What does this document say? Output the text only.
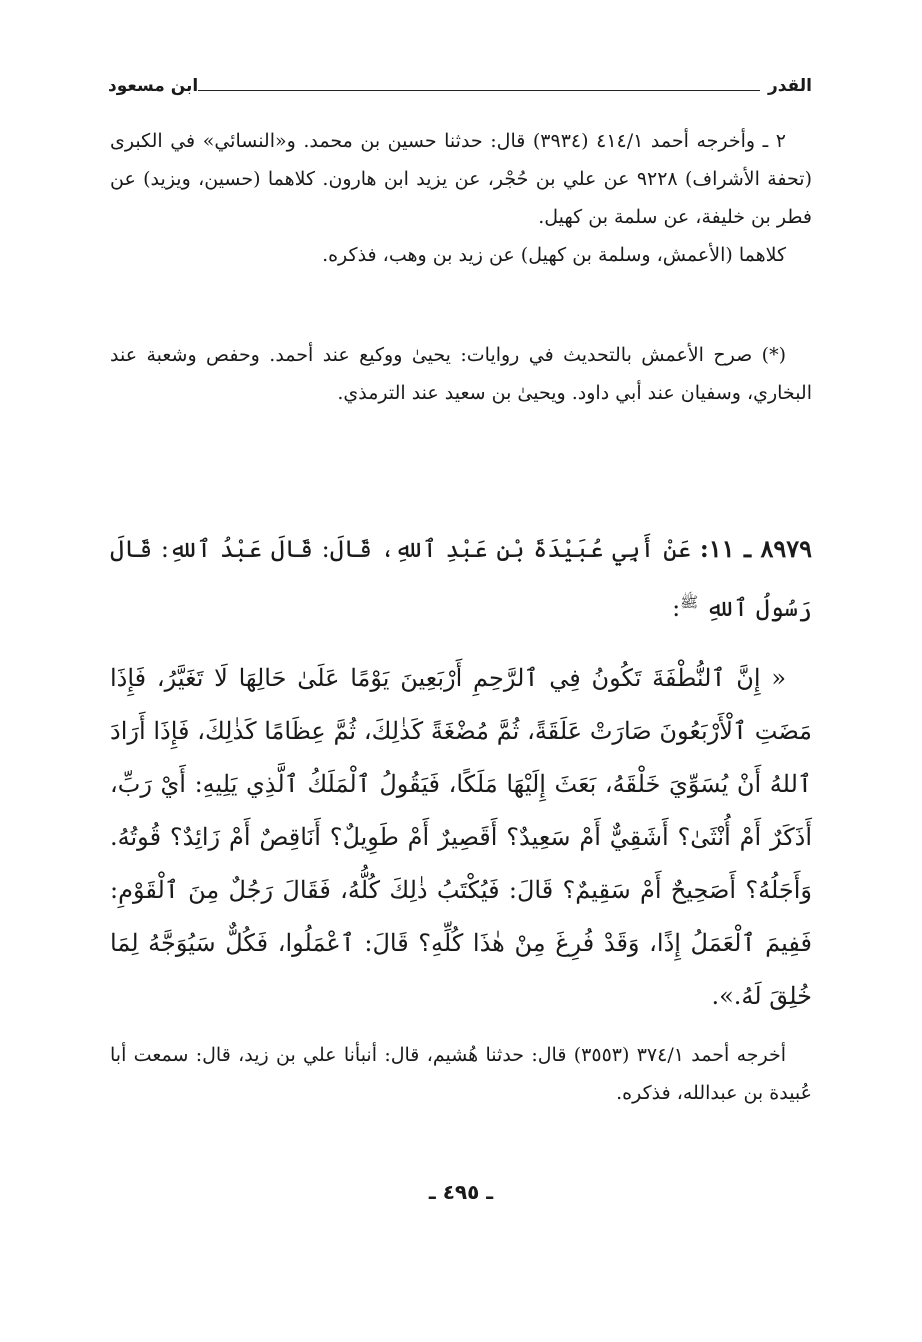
القدر
ابن مسعود

٢ ـ وأخرجه أحمد ٤١٤/١ (٣٩٣٤) قال: حدثنا حسين بن محمد. و«النسائي» في الكبرى (تحفة الأشراف) ٩٢٢٨ عن علي بن حُجْر، عن يزيد ابن هارون. كلاهما (حسين، ويزيد) عن فطر بن خليفة، عن سلمة بن كهيل.

كلاهما (الأعمش، وسلمة بن كهيل) عن زيد بن وهب، فذكره.

(*) صرح الأعمش بالتحديث في روايات: يحيىٰ ووكيع عند أحمد. وحفص وشعبة عند البخاري، وسفيان عند أبي داود. ويحيىٰ بن سعيد عند الترمذي.

٨٩٧٩ ـ ١١: عَنْ أَبِي عُبَيْدَةَ بْنِ عَبْدِ ٱللهِ، قَالَ: قَالَ عَبْدُ ٱللهِ: قَالَ رَسُولُ ٱللهِ $^ﷺ$:

« إِنَّ ٱلنُّطْفَةَ تَكُونُ فِي ٱلرَّحِمِ أَرْبَعِينَ يَوْمًا عَلَىٰ حَالِهَا لَا تَغَيَّرُ، فَإِذَا مَضَتِ ٱلْأَرْبَعُونَ صَارَتْ عَلَقَةً، ثُمَّ مُضْغَةً كَذٰلِكَ، ثُمَّ عِظَامًا كَذٰلِكَ، فَإِذَا أَرَادَ ٱللهُ أَنْ يُسَوِّيَ خَلْقَهُ، بَعَثَ إِلَيْهَا مَلَكًا، فَيَقُولُ ٱلْمَلَكُ ٱلَّذِي يَلِيهِ: أَيْ رَبِّ، أَذَكَرٌ أَمْ أُنْثَىٰ؟ أَشَقِيٌّ أَمْ سَعِيدٌ؟ أَقَصِيرٌ أَمْ طَوِيلٌ؟ أَنَاقِصٌ أَمْ زَائِدٌ؟ قُوتُهُ. وَأَجَلُهُ؟ أَصَحِيحٌ أَمْ سَقِيمٌ؟ قَالَ: فَيُكْتَبُ ذٰلِكَ كُلُّهُ، فَقَالَ رَجُلٌ مِنَ ٱلْقَوْمِ: فَفِيمَ ٱلْعَمَلُ إِذًا، وَقَدْ فُرِغَ مِنْ هٰذَا كُلِّهِ؟ قَالَ: ٱعْمَلُوا، فَكُلٌّ سَيُوَجَّهُ لِمَا خُلِقَ لَهُ.».

أخرجه أحمد ٣٧٤/١ (٣٥٥٣) قال: حدثنا هُشيم، قال: أنبأنا علي بن زيد، قال: سمعت أبا عُبيدة بن عبدالله، فذكره.

ـ ٤٩٥ ـ
